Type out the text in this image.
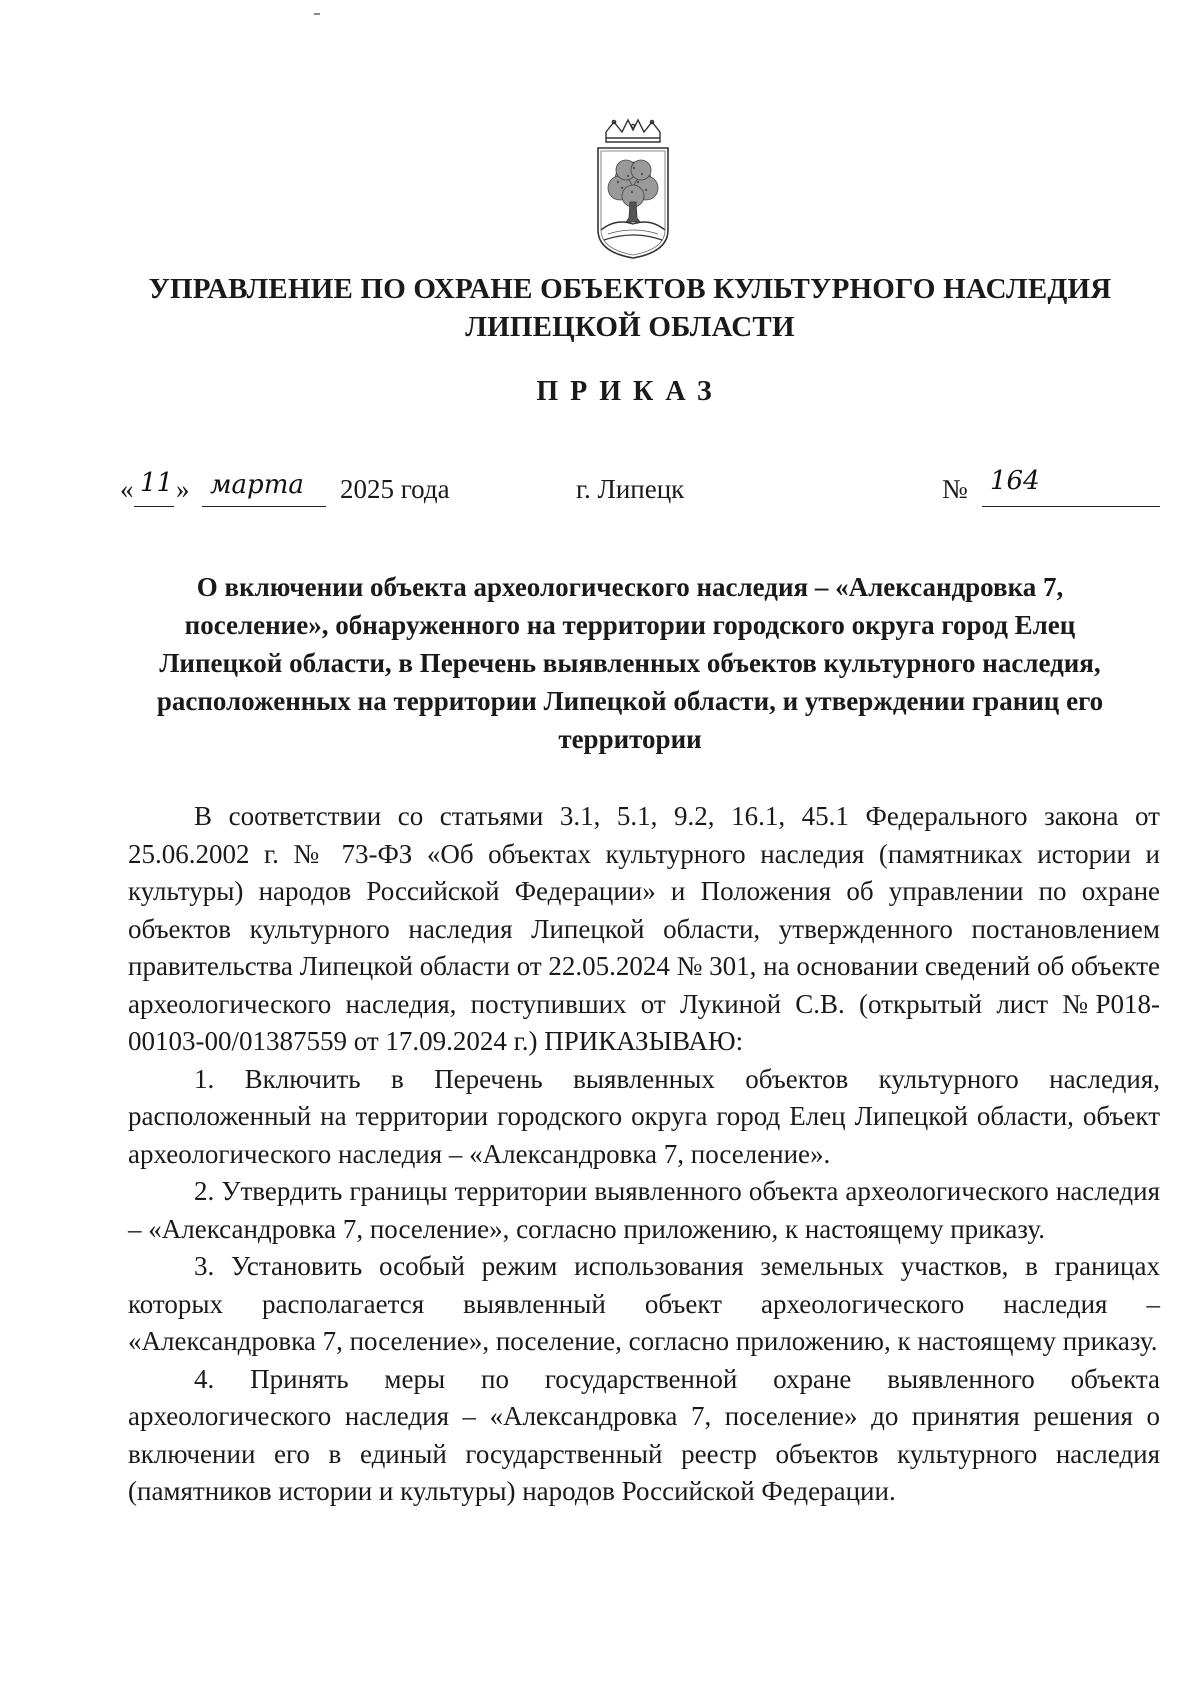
УПРАВЛЕНИЕ ПО ОХРАНЕ ОБЪЕКТОВ КУЛЬТУРНОГО НАСЛЕДИЯ
ЛИПЕЦКОЙ ОБЛАСТИ
ПРИКАЗ
« 11 » марта 2025 года	г. Липецк	№ 164
О включении объекта археологического наследия – «Александровка 7,
поселение», обнаруженного на территории городского округа город Елец
Липецкой области, в Перечень выявленных объектов культурного наследия,
расположенных на территории Липецкой области, и утверждении границ его
территории

В соответствии со статьями 3.1, 5.1, 9.2, 16.1, 45.1 Федерального закона от 25.06.2002 г. № 73-ФЗ «Об объектах культурного наследия (памятниках истории и культуры) народов Российской Федерации» и Положения об управлении по охране объектов культурного наследия Липецкой области, утвержденного постановлением правительства Липецкой области от 22.05.2024 № 301, на основании сведений об объекте археологического наследия, поступивших от Лукиной С.В. (открытый лист №Р018-00103-00/01387559 от 17.09.2024 г.) ПРИКАЗЫВАЮ:

1. Включить в Перечень выявленных объектов культурного наследия, расположенный на территории городского округа город Елец Липецкой области, объект археологического наследия – «Александровка 7, поселение».

2. Утвердить границы территории выявленного объекта археологического наследия – «Александровка 7, поселение», согласно приложению, к настоящему приказу.

3. Установить особый режим использования земельных участков, в границах которых располагается выявленный объект археологического наследия – «Александровка 7, поселение», поселение, согласно приложению, к настоящему приказу.

4. Принять меры по государственной охране выявленного объекта археологического наследия – «Александровка 7, поселение» до принятия решения о включении его в единый государственный реестр объектов культурного наследия (памятников истории и культуры) народов Российской Федерации.
